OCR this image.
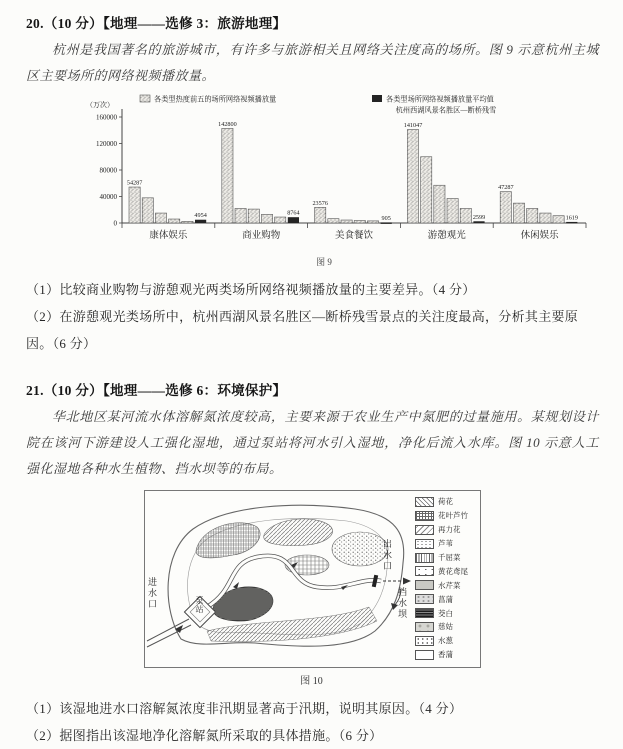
20.（10 分）【地理——选修 3：旅游地理】

杭州是我国著名的旅游城市，有许多与旅游相关且网络关注度高的场所。图 9 示意杭州主城区主要场所的网络视频播放量。

各类型热度前五的场所网络视频播放量	各类型场所网络视频播放量平均值
杭州西湖风景名胜区—断桥残雪
（万次）
0
40000
80000
120000
160000
54287
4954
康体娱乐
142800
8764
商业购物
23576
905
美食餐饮
141047
2599
游憩观光
47287
1619
休闲娱乐
图 9
（1）比较商业购物与游憩观光两类场所网络视频播放量的主要差异。（4 分）
（2）在游憩观光类场所中，杭州西湖风景名胜区—断桥残雪景点的关注度最高，分析其主要原因。（6 分）
21.（10 分）【地理——选修 6：环境保护】

华北地区某河流水体溶解氮浓度较高，主要来源于农业生产中氮肥的过量施用。某规划设计院在该河下游建设人工强化湿地，通过泵站将河水引入湿地，净化后流入水库。图 10 示意人工强化湿地各种水生植物、挡水坝等的布局。

进水口	泵站
出水口
挡水坝
荷花
花叶芦竹
再力花
芦苇
千屈菜
黄花鸢尾
水芹菜
菖蒲
茭白
慈姑
水葱
香蒲
图 10
（1）该湿地进水口溶解氮浓度非汛期显著高于汛期，说明其原因。（4 分）
（2）据图指出该湿地净化溶解氮所采取的具体措施。（6 分）
